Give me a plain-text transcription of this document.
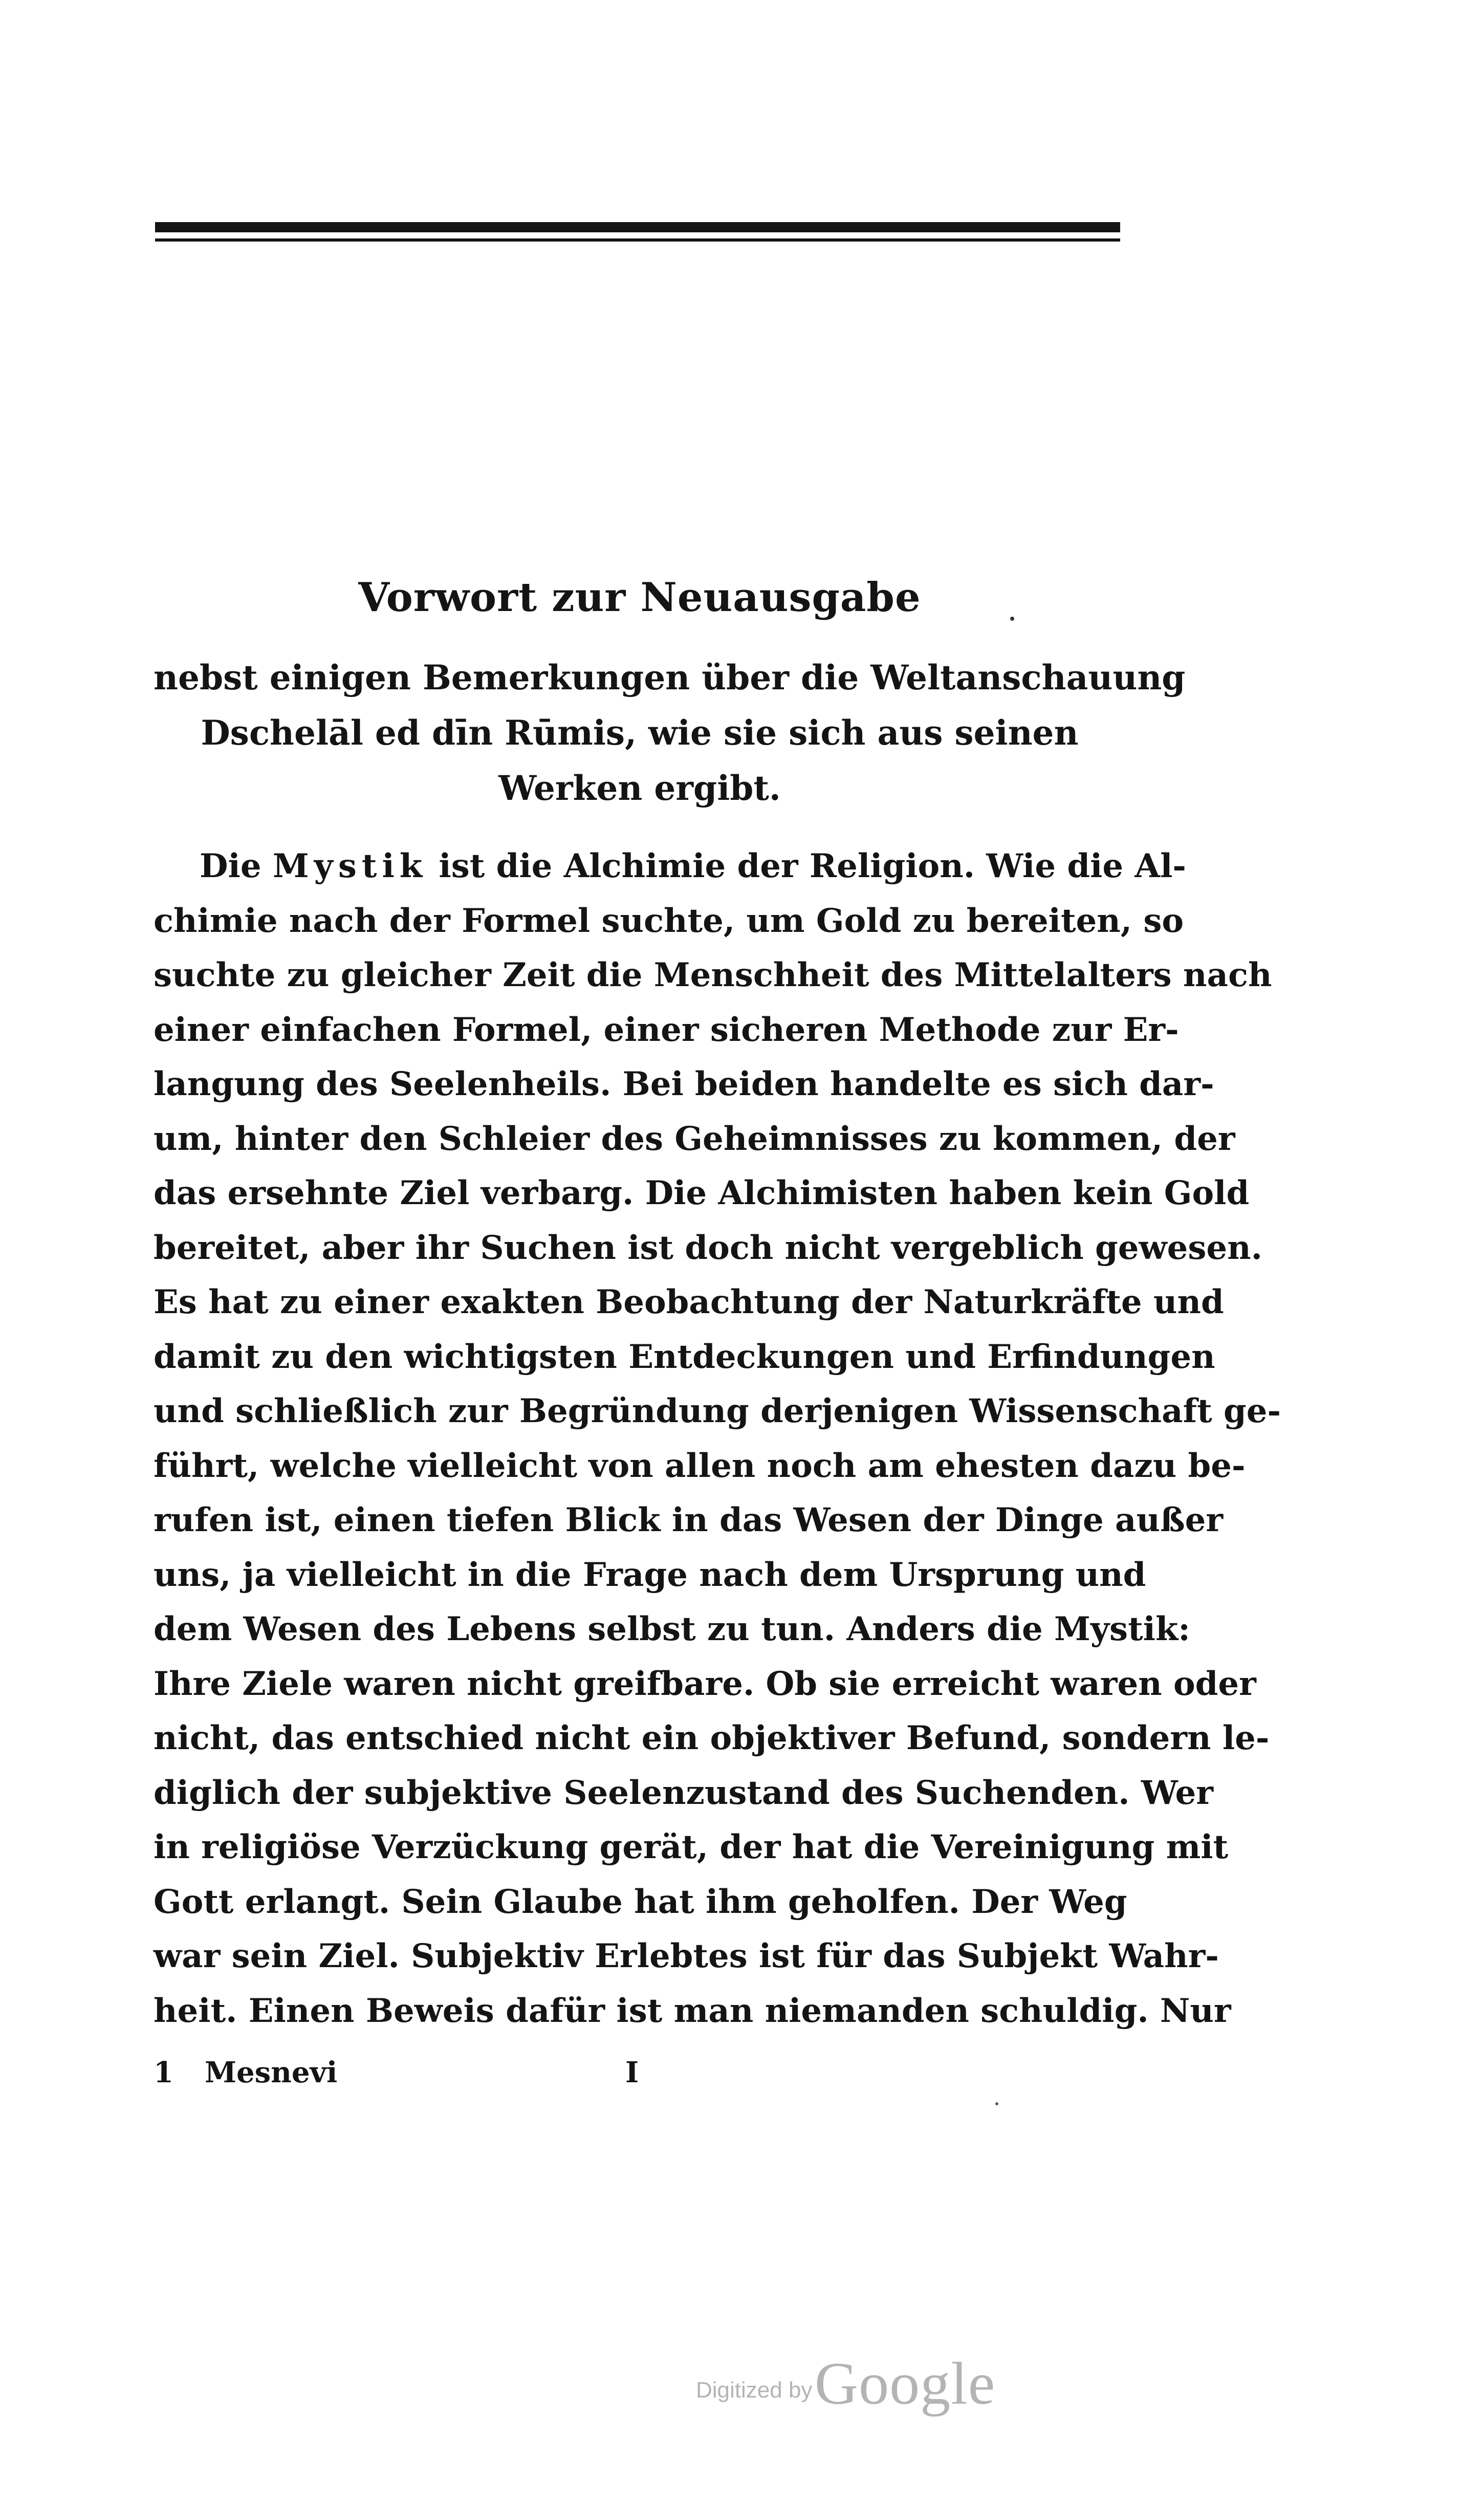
Vorwort zur Neuausgabe
nebst einigen Bemerkungen über die Weltanschauung
Dschelāl ed dīn Rūmis, wie sie sich aus seinen
Werken ergibt.
Die Mystik ist die Alchimie der Religion. Wie die Al-
chimie nach der Formel suchte, um Gold zu bereiten, so
suchte zu gleicher Zeit die Menschheit des Mittelalters nach
einer einfachen Formel, einer sicheren Methode zur Er-
langung des Seelenheils. Bei beiden handelte es sich dar-
um, hinter den Schleier des Geheimnisses zu kommen, der
das ersehnte Ziel verbarg. Die Alchimisten haben kein Gold
bereitet, aber ihr Suchen ist doch nicht vergeblich gewesen.
Es hat zu einer exakten Beobachtung der Naturkräfte und
damit zu den wichtigsten Entdeckungen und Erfindungen
und schließlich zur Begründung derjenigen Wissenschaft ge-
führt, welche vielleicht von allen noch am ehesten dazu be-
rufen ist, einen tiefen Blick in das Wesen der Dinge außer
uns, ja vielleicht in die Frage nach dem Ursprung und
dem Wesen des Lebens selbst zu tun. Anders die Mystik:
Ihre Ziele waren nicht greifbare. Ob sie erreicht waren oder
nicht, das entschied nicht ein objektiver Befund, sondern le-
diglich der subjektive Seelenzustand des Suchenden. Wer
in religiöse Verzückung gerät, der hat die Vereinigung mit
Gott erlangt. Sein Glaube hat ihm geholfen. Der Weg
war sein Ziel. Subjektiv Erlebtes ist für das Subjekt Wahr-
heit. Einen Beweis dafür ist man niemanden schuldig. Nur
1 Mesnevi	I
Digitized by Google
